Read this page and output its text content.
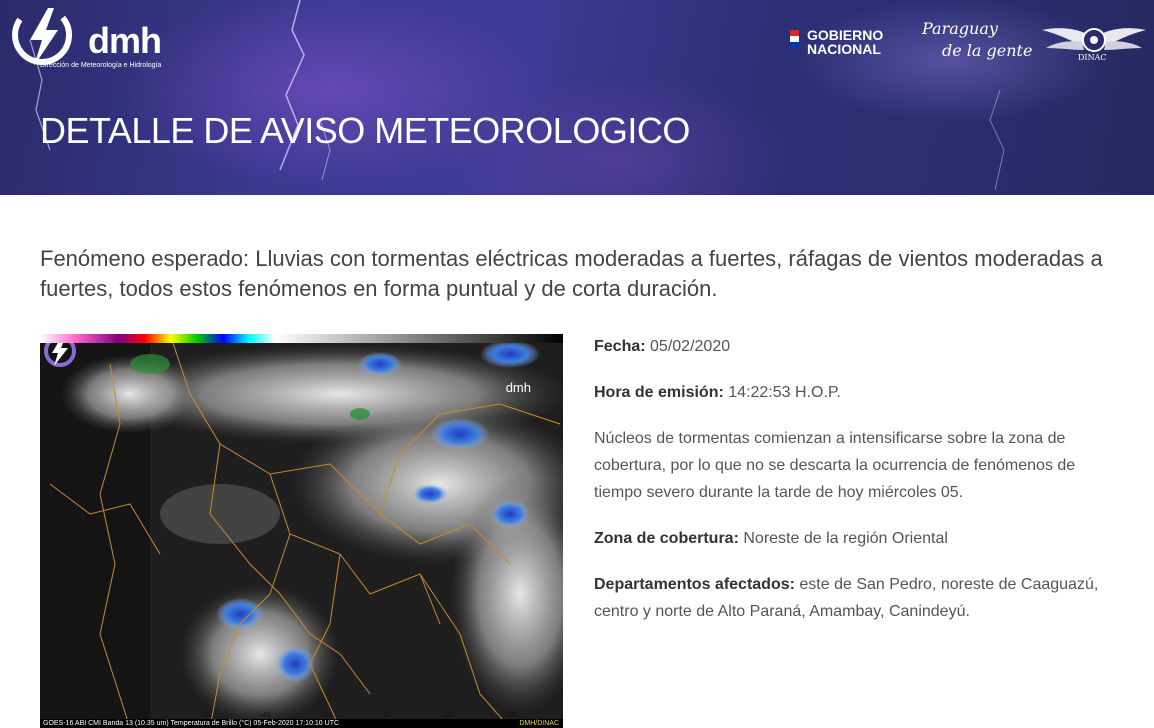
dmh
Dirección de Meteorología e Hidrología
GOBIERNO
NACIONAL
Paraguay
de la gente	DINAC
DETALLE DE AVISO METEOROLOGICO
Fenómeno esperado: Lluvias con tormentas eléctricas moderadas a fuertes, ráfagas de vientos moderadas a fuertes, todos estos fenómenos en forma puntual y de corta duración.
dmh
-100	-80	-60	-40	-20	0	20	40
GOES-16 ABI CMI Banda 13 (10.35 um) Temperatura de Brillo (°C) 05-Feb-2020 17:10:10 UTC	DMH/DINAC

Fecha: 05/02/2020

Hora de emisión: 14:22:53 H.O.P.

Núcleos de tormentas comienzan a intensificarse sobre la zona de cobertura, por lo que no se descarta la ocurrencia de fenómenos de tiempo severo durante la tarde de hoy miércoles 05.

Zona de cobertura: Noreste de la región Oriental

Departamentos afectados: este de San Pedro, noreste de Caaguazú, centro y norte de Alto Paraná, Amambay, Canindeyú.
